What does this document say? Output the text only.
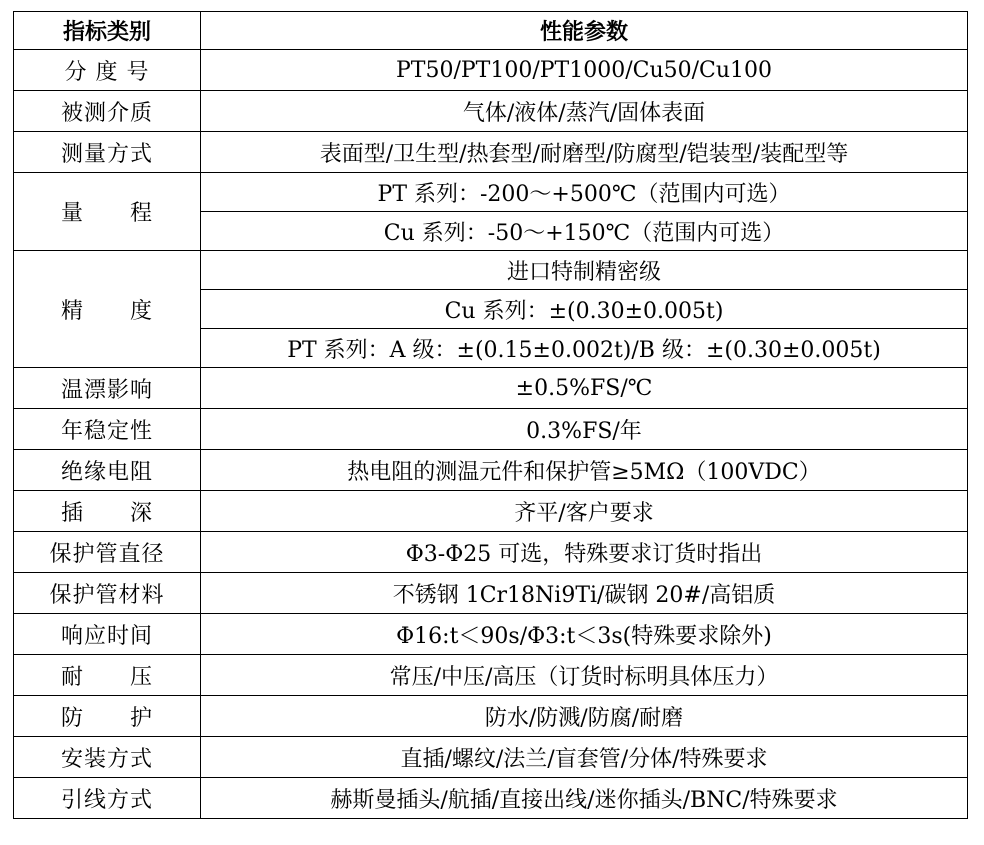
指标类别	性能参数
分 度 号	PT50/PT100/PT1000/Cu50/Cu100
被测介质	气体/液体/蒸汽/固体表面
测量方式	表面型/卫生型/热套型/耐磨型/防腐型/铠装型/装配型等
量　　程	PT 系列：-200～+500℃（范围内可选）
	Cu 系列：-50～+150℃（范围内可选）
精　　度	进口特制精密级
	Cu 系列：±(0.30±0.005t)
	PT 系列：A 级：±(0.15±0.002t)/B 级：±(0.30±0.005t)
温漂影响	±0.5%FS/℃
年稳定性	0.3%FS/年
绝缘电阻	热电阻的测温元件和保护管≥5MΩ（100VDC）
插　　深	齐平/客户要求
保护管直径	Φ3-Φ25 可选，特殊要求订货时指出
保护管材料	不锈钢 1Cr18Ni9Ti/碳钢 20#/高铝质
响应时间	Φ16:t＜90s/Φ3:t＜3s(特殊要求除外)
耐　　压	常压/中压/高压（订货时标明具体压力）
防　　护	防水/防溅/防腐/耐磨
安装方式	直插/螺纹/法兰/盲套管/分体/特殊要求
引线方式	赫斯曼插头/航插/直接出线/迷你插头/BNC/特殊要求
